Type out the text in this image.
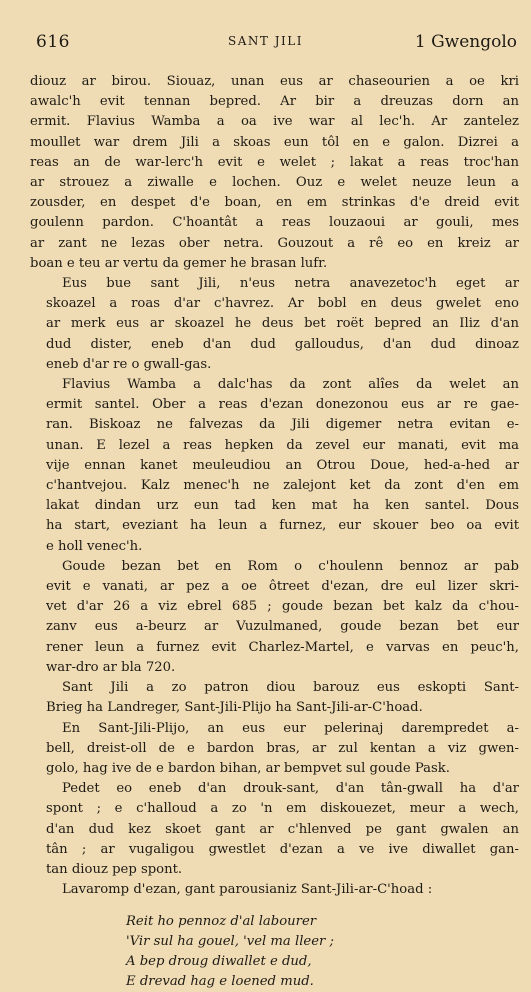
616	SANT JILI	1 Gwengolo
diouz ar birou. Siouaz, unan eus ar chaseourien a oe kri
awalc'h evit tennan bepred. Ar bir a dreuzas dorn an
ermit. Flavius Wamba a oa ive war al lec'h. Ar zantelez
moullet war drem Jili a skoas eun tôl en e galon. Dizrei a
reas an de war-lerc'h evit e welet ; lakat a reas troc'han
ar strouez a ziwalle e lochen. Ouz e welet neuze leun a
zousder, en despet d'e boan, en em strinkas d'e dreid evit
goulenn pardon. C'hoantât a reas louzaoui ar gouli, mes
ar zant ne lezas ober netra. Gouzout a rê eo en kreiz ar
boan e teu ar vertu da gemer he brasan lufr.
Eus bue sant Jili, n'eus netra anavezetoc'h eget ar
skoazel a roas d'ar c'havrez. Ar bobl en deus gwelet eno
ar merk eus ar skoazel he deus bet roët bepred an Iliz d'an
dud dister, eneb d'an dud galloudus, d'an dud dinoaz
eneb d'ar re o gwall-gas.
Flavius Wamba a dalc'has da zont alîes da welet an
ermit santel. Ober a reas d'ezan donezonou eus ar re gae-
ran. Biskoaz ne falvezas da Jili digemer netra evitan e-
unan. E lezel a reas hepken da zevel eur manati, evit ma
vije ennan kanet meuleudiou an Otrou Doue, hed-a-hed ar
c'hantvejou. Kalz menec'h ne zalejont ket da zont d'en em
lakat dindan urz eun tad ken mat ha ken santel. Dous
ha start, eveziant ha leun a furnez, eur skouer beo oa evit
e holl venec'h.
Goude bezan bet en Rom o c'houlenn bennoz ar pab
evit e vanati, ar pez a oe ôtreet d'ezan, dre eul lizer skri-
vet d'ar 26 a viz ebrel 685 ; goude bezan bet kalz da c'hou-
zanv eus a-beurz ar Vuzulmaned, goude bezan bet eur
rener leun a furnez evit Charlez-Martel, e varvas en peuc'h,
war-dro ar bla 720.
Sant Jili a zo patron diou barouz eus eskopti Sant-
Brieg ha Landreger, Sant-Jili-Plijo ha Sant-Jili-ar-C'hoad.
En Sant-Jili-Plijo, an eus eur pelerinaj darempredet a-
bell, dreist-oll de e bardon bras, ar zul kentan a viz gwen-
golo, hag ive de e bardon bihan, ar bempvet sul goude Pask.
Pedet eo eneb d'an drouk-sant, d'an tân-gwall ha d'ar
spont ; e c'halloud a zo 'n em diskouezet, meur a wech,
d'an dud kez skoet gant ar c'hlenved pe gant gwalen an
tân ; ar vugaligou gwestlet d'ezan a ve ive diwallet gan-
tan diouz pep spont.
Lavaromp d'ezan, gant parousianiz Sant-Jili-ar-C'hoad :
Reit ho pennoz d'al labourer
'Vir sul ha gouel, 'vel ma lleer ;
A bep droug diwallet e dud,
E drevad hag e loened mud.
